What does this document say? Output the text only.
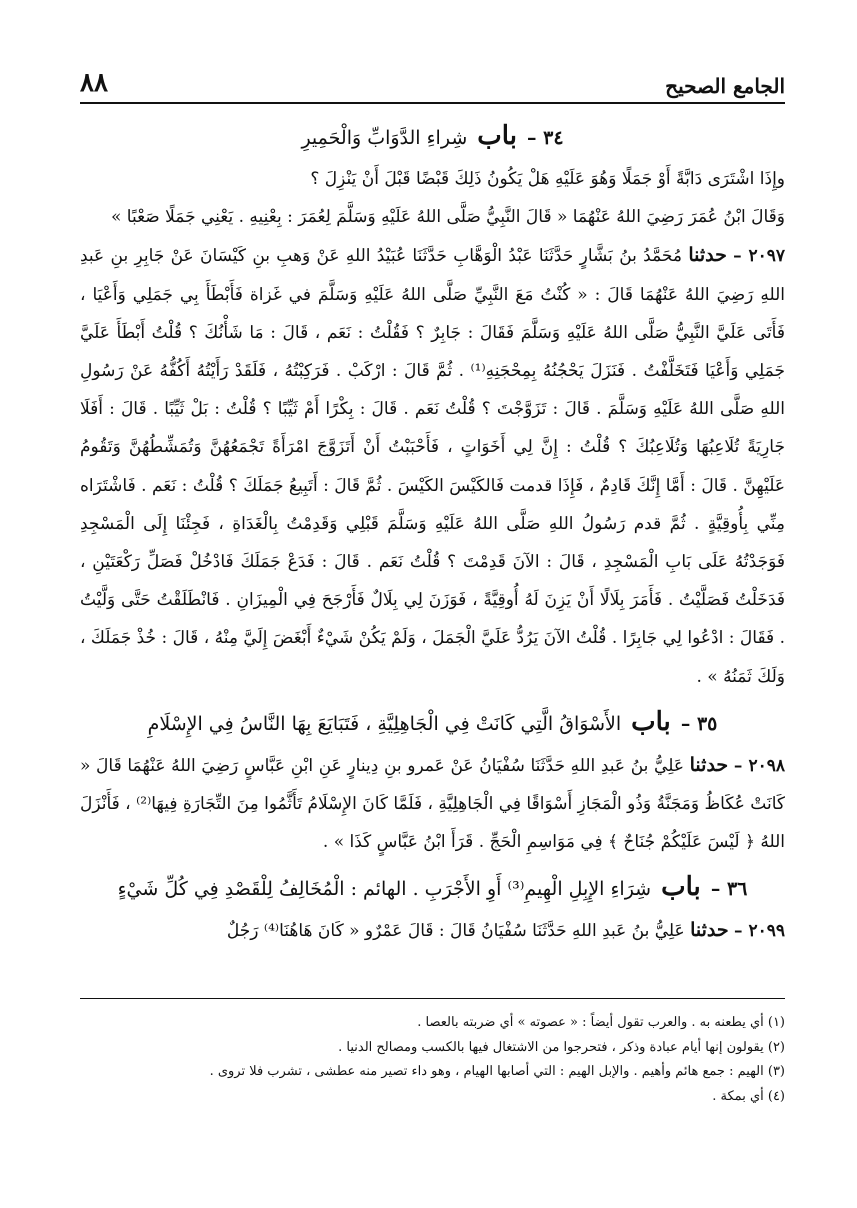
الجامع الصحيح
٨٨
٣٤ – باب شِراءِ الدَّوَابِّ وَالْحَمِيرِ

وإِذَا اشْتَرَى دَابَّةً أَوْ جَمَلًا وَهُوَ عَلَيْهِ هَلْ يَكُونُ ذَلِكَ قَبْضًا قَبْلَ أَنْ يَنْزِلَ ؟

وَقَالَ ابْنُ عُمَرَ رَضِيَ اللهُ عَنْهُمَا « قَالَ النَّبِيُّ صَلَّى اللهُ عَلَيْهِ وَسَلَّمَ لِعُمَرَ : بِعْنِيهِ . يَعْنِي جَمَلًا صَعْبًا »

٢٠٩٧ – حدثنا مُحَمَّدُ بنُ بَشَّارٍ حَدَّثَنَا عَبْدُ الْوَهَّابِ حَدَّثَنَا عُبَيْدُ اللهِ عَنْ وَهبِ بنِ كَيْسَانَ عَنْ جَابِرِ بنِ عَبدِ اللهِ رَضِيَ اللهُ عَنْهُمَا قَالَ : « كُنْتُ مَعَ النَّبِيِّ صَلَّى اللهُ عَلَيْهِ وَسَلَّمَ في غَزاة فَأَبْطَأَ بِي جَمَلِي وَأَعْيَا ، فَأَتَى عَلَيَّ النَّبِيُّ صَلَّى اللهُ عَلَيْهِ وَسَلَّمَ فَقَالَ : جَابِرٌ ؟ فَقُلْتُ : نَعَم ، قَالَ : مَا شَأْنُكَ ؟ قُلْتُ أَبْطَأَ عَلَيَّ جَمَلِي وَأَعْيَا فَتَخَلَّفْتُ . فَنَزَلَ يَحْجُنُهُ بِمِحْجَنِهِ⁽¹⁾ . ثُمَّ قَالَ : ارْكَبْ . فَرَكِبْتُهُ ، فَلَقَدْ رَأَيْتُهُ أَكُفُّهُ عَنْ رَسُولِ اللهِ صَلَّى اللهُ عَلَيْهِ وَسَلَّمَ . قَالَ : تَزَوَّجْتَ ؟ قُلْتُ نَعَم . قَالَ : بِكْرًا أَمْ ثَيِّبًا ؟ قُلْتُ : بَلْ ثَيِّبًا . قَالَ : أَفَلَا جَارِيَةً تُلَاعِبُهَا وَتُلَاعِبُكَ ؟ قُلْتُ : إِنَّ لِي أَخَوَاتٍ ، فَأَحْبَبْتُ أَنْ أَتَزَوَّجَ امْرَأَةً تَجْمَعُهُنَّ وَتُمَشِّطُهُنَّ وَتَقُومُ عَلَيْهِنَّ . قَالَ : أَمَّا إِنَّكَ قَادِمٌ ، فَإِذَا قدمت فَالكَيْسَ الكَيْسَ . ثُمَّ قَالَ : أَتَبِيعُ جَمَلَكَ ؟ قُلْتُ : نَعَم . فَاشْتَرَاه مِنِّي بِأُوقِيَّةٍ . ثُمَّ قدم رَسُولُ اللهِ صَلَّى اللهُ عَلَيْهِ وَسَلَّمَ قَبْلِي وَقَدِمْتُ بِالْغَدَاةِ ، فَجِئْنَا إِلَى الْمَسْجِدِ فَوَجَدْتُهُ عَلَى بَابِ الْمَسْجِدِ ، قَالَ : الآنَ قَدِمْتَ ؟ قُلْتُ نَعَم . قَالَ : فَدَعْ جَمَلَكَ فَادْخُلْ فَصَلِّ رَكْعَتَيْنِ ، فَدَخَلْتُ فَصَلَّيْتُ . فَأَمَرَ بِلَالًا أَنْ يَزِنَ لَهُ أُوقِيَّةً ، فَوَزَنَ لِي بِلَالٌ فَأَرْجَحَ فِي الْمِيزَانِ . فَانْطَلَقْتُ حَتَّى وَلَّيْتُ . فَقَالَ : ادْعُوا لِي جَابِرًا . قُلْتُ الآنَ يَرُدُّ عَلَيَّ الْجَمَلَ ، وَلَمْ يَكُنْ شَيْءٌ أَبْغَضَ إِلَيَّ مِنْهُ ، قَالَ : خُذْ جَمَلَكَ ، وَلَكَ ثَمَنُهُ » .

٣٥ – باب الأَسْوَاقُ الَّتِي كَانَتْ فِي الْجَاهِلِيَّةِ ، فَتَبَايَعَ بِهَا النَّاسُ فِي الإِسْلَامِ

٢٠٩٨ – حدثنا عَلِيُّ بنُ عَبدِ اللهِ حَدَّثَنَا سُفْيَانُ عَنْ عَمرو بنِ دِينارٍ عَنِ ابْنِ عَبَّاسٍ رَضِيَ اللهُ عَنْهُمَا قَالَ « كَانَتْ عُكَاظُ وَمَجَنَّةُ وَذُو الْمَجَازِ أَسْوَاقًا فِي الْجَاهِلِيَّةِ ، فَلَمَّا كَانَ الإِسْلَامُ تَأَثَّمُوا مِنَ التِّجَارَةِ فِيهَا⁽²⁾ ، فَأَنْزَلَ اللهُ ﴿ لَيْسَ عَلَيْكُمْ جُنَاحٌ ﴾ فِي مَوَاسِمِ الْحَجِّ . قَرَأَ ابْنُ عَبَّاسٍ كَذَا » .

٣٦ – باب شِرَاءِ الإِبِلِ الْهِيمِ⁽³⁾ أَوِ الأَجْرَبِ . الهائم : الْمُخَالِفُ لِلْقَصْدِ فِي كُلِّ شَيْءٍ

٢٠٩٩ – حدثنا عَلِيُّ بنُ عَبدِ اللهِ حَدَّثَنَا سُفْيَانُ قَالَ : قَالَ عَمْرٌو « كَانَ هَاهُنَا⁽⁴⁾ رَجُلٌ

(١) أي يطعنه به . والعرب تقول أيضاً : « عصوته » أي ضربته بالعصا .

(٢) يقولون إنها أيام عبادة وذكر ، فتحرجوا من الاشتغال فيها بالكسب ومصالح الدنيا .

(٣) الهيم : جمع هائم وأهيم . والإبل الهيم : التي أصابها الهيام ، وهو داء تصير منه عطشى ، تشرب فلا تروى .

(٤) أي بمكة .
